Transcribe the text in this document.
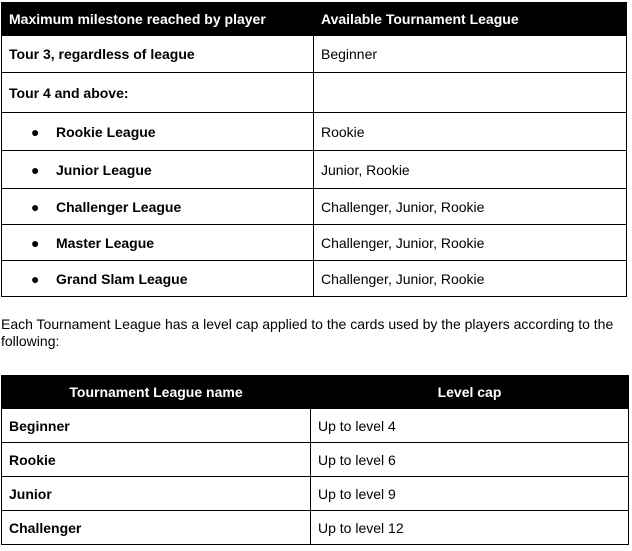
Maximum milestone reached by player	Available Tournament League
Tour 3, regardless of league	Beginner
Tour 4 and above:	
● Rookie League	Rookie
● Junior League	Junior, Rookie
● Challenger League	Challenger, Junior, Rookie
● Master League	Challenger, Junior, Rookie
● Grand Slam League	Challenger, Junior, Rookie

Each Tournament League has a level cap applied to the cards used by the players according to the following:

Tournament League name	Level cap
Beginner	Up to level 4
Rookie	Up to level 6
Junior	Up to level 9
Challenger	Up to level 12
